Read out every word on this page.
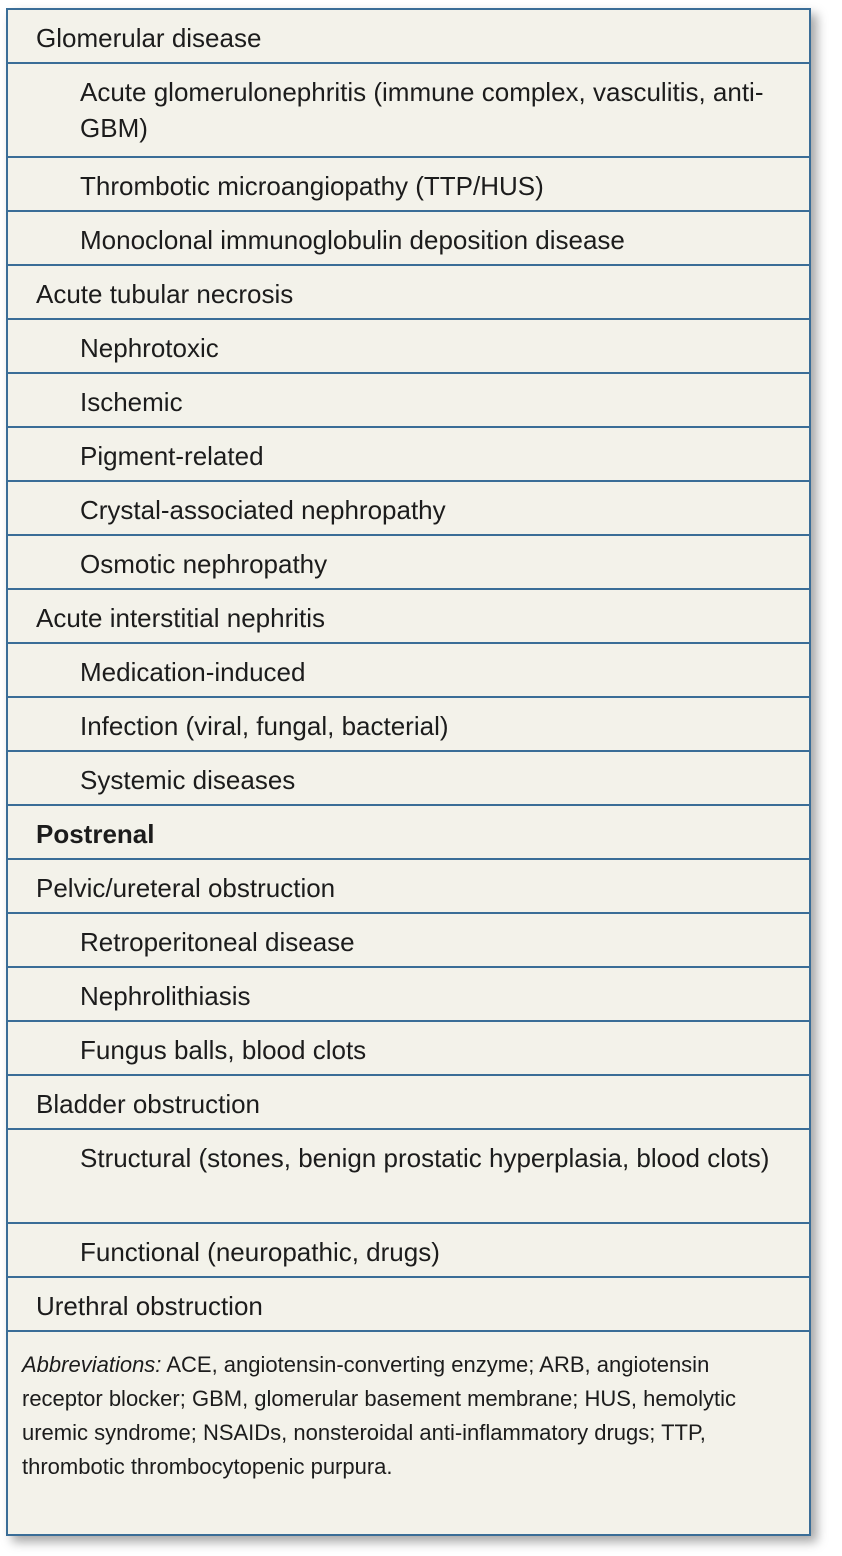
Glomerular disease
Acute glomerulonephritis (immune complex, vasculitis, anti-GBM)
Thrombotic microangiopathy (TTP/HUS)
Monoclonal immunoglobulin deposition disease
Acute tubular necrosis
Nephrotoxic
Ischemic
Pigment-related
Crystal-associated nephropathy
Osmotic nephropathy
Acute interstitial nephritis
Medication-induced
Infection (viral, fungal, bacterial)
Systemic diseases
Postrenal
Pelvic/ureteral obstruction
Retroperitoneal disease
Nephrolithiasis
Fungus balls, blood clots
Bladder obstruction
Structural (stones, benign prostatic hyperplasia, blood clots)
Functional (neuropathic, drugs)
Urethral obstruction
Abbreviations: ACE, angiotensin-converting enzyme; ARB, angiotensin receptor blocker; GBM, glomerular basement membrane; HUS, hemolytic uremic syndrome; NSAIDs, nonsteroidal anti-inflammatory drugs; TTP, thrombotic thrombocytopenic purpura.
